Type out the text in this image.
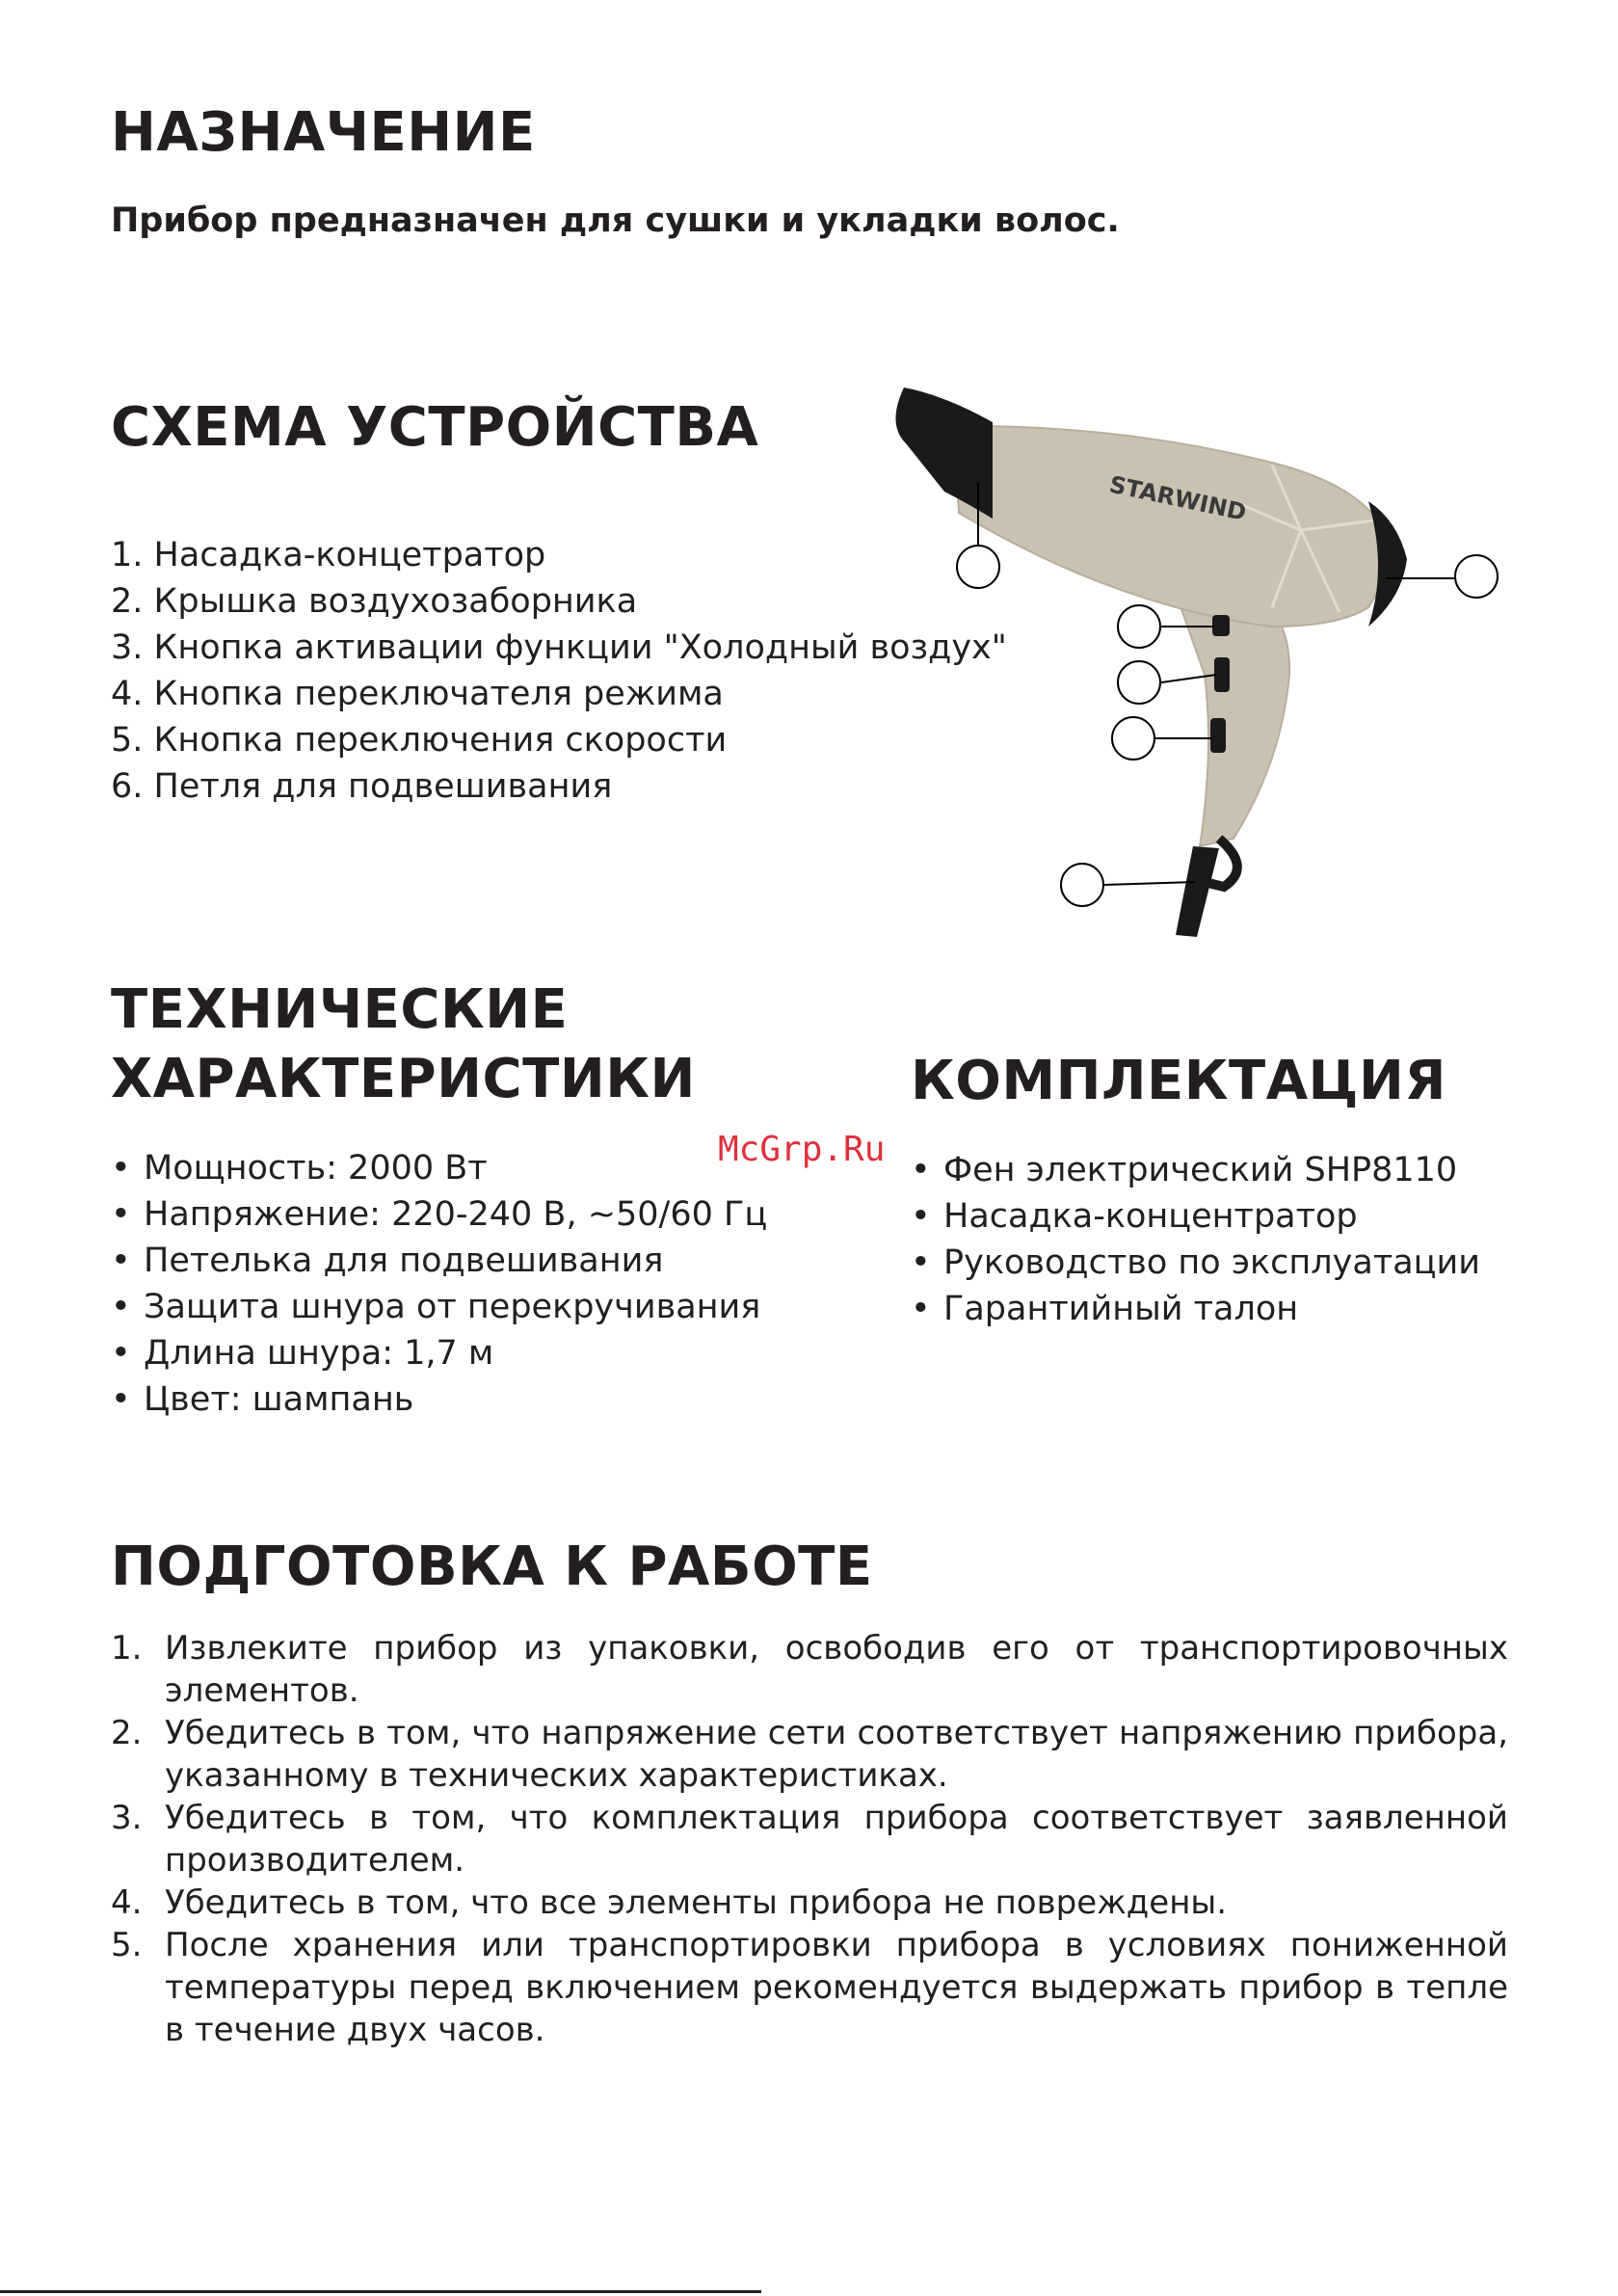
НАЗНАЧЕНИЕ
Прибор предназначен для сушки и укладки волос.
СХЕМА УСТРОЙСТВА
1. Насадка-концетратор
2. Крышка воздухозаборника
3. Кнопка активации функции "Холодный воздух"
4. Кнопка переключателя режима
5. Кнопка переключения скорости
6. Петля для подвешивания
STARWIND
ТЕХНИЧЕСКИЕ
ХАРАКТЕРИСТИКИ
• Мощность: 2000 Вт
• Напряжение: 220-240 В, ~50/60 Гц
• Петелька для подвешивания
• Защита шнура от перекручивания
• Длина шнура: 1,7 м
• Цвет: шампань
McGrp.Ru
КОМПЛЕКТАЦИЯ
• Фен электрический SHP8110
• Насадка-концентратор
• Руководство по эксплуатации
• Гарантийный талон
ПОДГОТОВКА К РАБОТЕ
1. Извлеките прибор из упаковки, освободив его от транспортировочных элементов.
2. Убедитесь в том, что напряжение сети соответствует напряжению прибора, указанному в технических характеристиках.
3. Убедитесь в том, что комплектация прибора соответствует заявленной производителем.
4. Убедитесь в том, что все элементы прибора не повреждены.
5. После хранения или транспортировки прибора в условиях пониженной температуры перед включением рекомендуется выдержать прибор в тепле в течение двух часов.
